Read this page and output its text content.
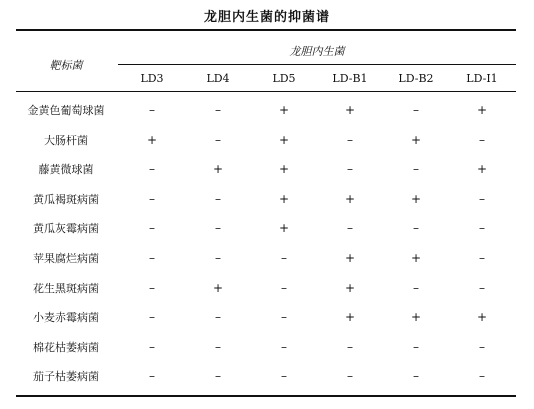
龙胆内生菌的抑菌谱
靶标菌
龙胆内生菌
LD3	LD4	LD5	LD-B1	LD-B2	LD-I1
金黄色葡萄球菌	–	–	+	+	–	+
大肠杆菌	+	–	+	–	+	–
藤黄微球菌	–	+	+	–	–	+
黄瓜褐斑病菌	–	–	+	+	+	–
黄瓜灰霉病菌	–	–	+	–	–	–
苹果腐烂病菌	–	–	–	+	+	–
花生黑斑病菌	–	+	–	+	–	–
小麦赤霉病菌	–	–	–	+	+	+
棉花枯萎病菌	–	–	–	–	–	–
茄子枯萎病菌	–	–	–	–	–	–
